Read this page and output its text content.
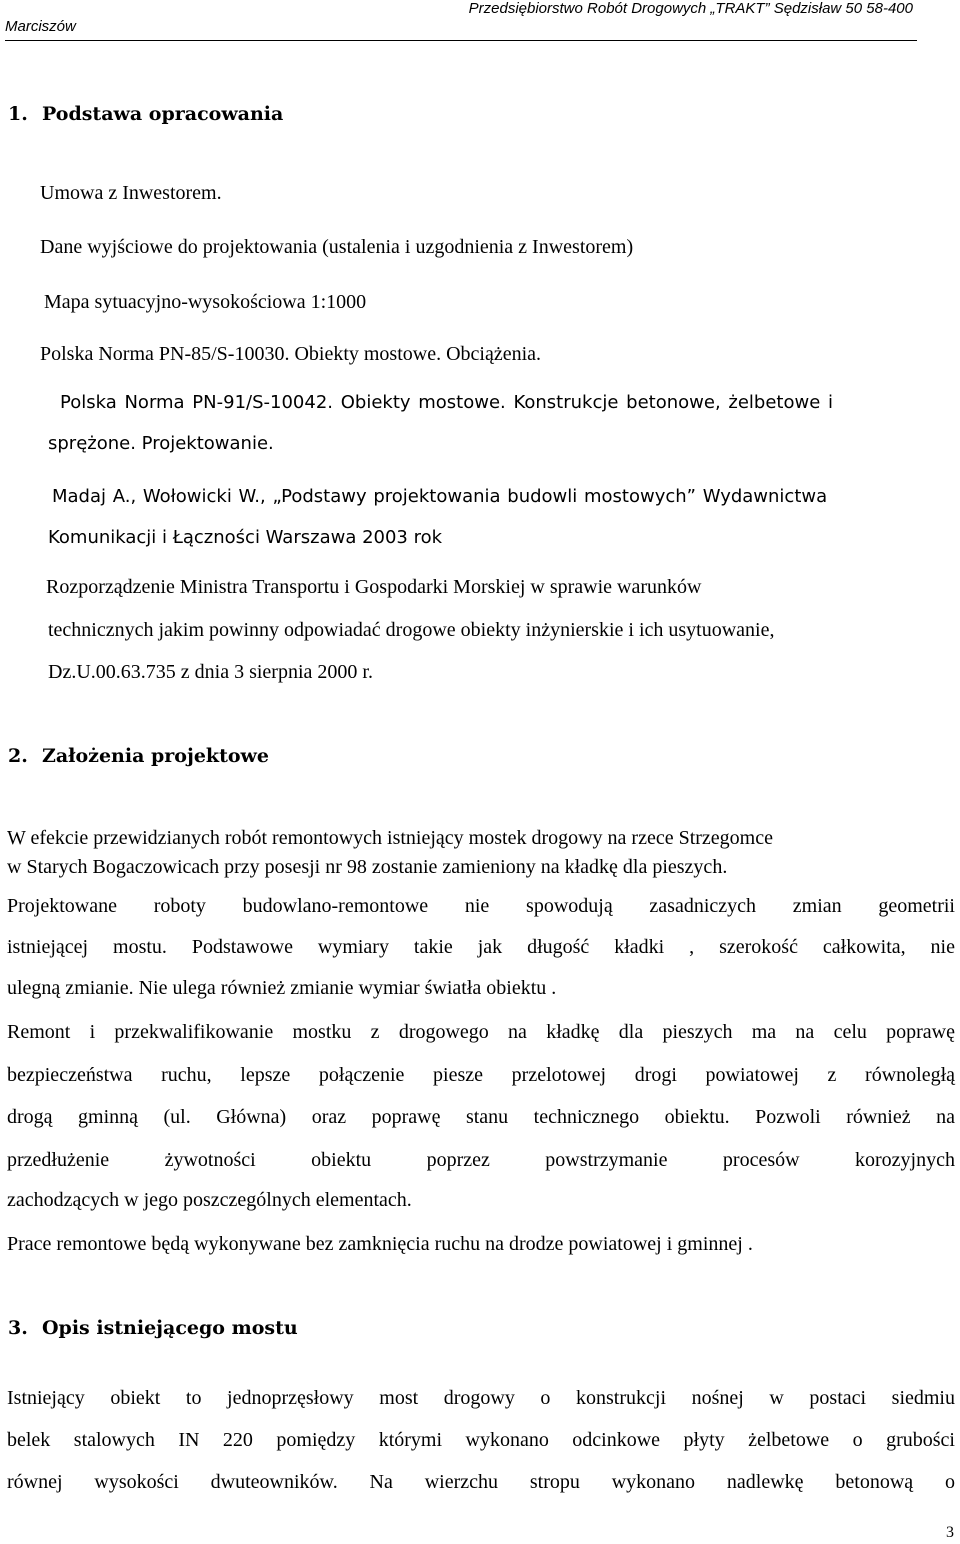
Przedsiębiorstwo Robót Drogowych „TRAKT” Sędzisław 50 58-400
Marciszów
1. Podstawa opracowania
Umowa z Inwestorem.
Dane wyjściowe do projektowania (ustalenia i uzgodnienia z Inwestorem)
Mapa sytuacyjno-wysokościowa 1:1000
Polska Norma PN-85/S-10030. Obiekty mostowe. Obciążenia.
Polska Norma PN-91/S-10042. Obiekty mostowe. Konstrukcje betonowe, żelbetowe i
sprężone. Projektowanie.
Madaj A., Wołowicki W., „Podstawy projektowania budowli mostowych” Wydawnictwa
Komunikacji i Łączności Warszawa 2003 rok
Rozporządzenie Ministra Transportu i Gospodarki Morskiej w sprawie warunków
technicznych jakim powinny odpowiadać drogowe obiekty inżynierskie i ich usytuowanie,
Dz.U.00.63.735 z dnia 3 sierpnia 2000 r.
2. Założenia projektowe
W efekcie przewidzianych robót remontowych istniejący mostek drogowy na rzece Strzegomce
w Starych Bogaczowicach przy posesji nr 98 zostanie zamieniony na kładkę dla pieszych.
Projektowane roboty budowlano-remontowe nie spowodują zasadniczych zmian geometrii
istniejącej mostu. Podstawowe wymiary takie jak długość kładki , szerokość całkowita, nie
ulegną zmianie. Nie ulega również zmianie wymiar światła obiektu .
Remont i przekwalifikowanie mostku z drogowego na kładkę dla pieszych ma na celu poprawę
bezpieczeństwa ruchu, lepsze połączenie piesze przelotowej drogi powiatowej z równoległą
drogą gminną (ul. Główna) oraz poprawę stanu technicznego obiektu. Pozwoli również na
przedłużenie żywotności obiektu poprzez powstrzymanie procesów korozyjnych
zachodzących w jego poszczególnych elementach.
Prace remontowe będą wykonywane bez zamknięcia ruchu na drodze powiatowej i gminnej .
3. Opis istniejącego mostu
Istniejący obiekt to jednoprzęsłowy most drogowy o konstrukcji nośnej w postaci siedmiu
belek stalowych IN 220 pomiędzy którymi wykonano odcinkowe płyty żelbetowe o grubości
równej wysokości dwuteowników. Na wierzchu stropu wykonano nadlewkę betonową o
3
